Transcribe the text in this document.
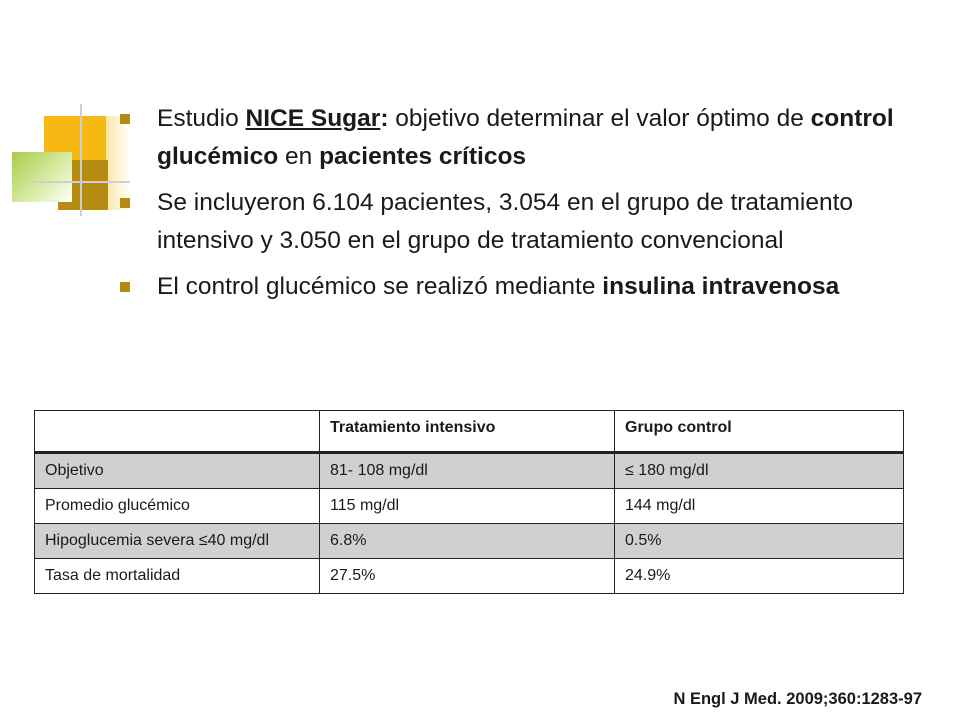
Estudio NICE Sugar: objetivo determinar el valor óptimo de control glucémico en pacientes críticos
Se incluyeron 6.104 pacientes, 3.054 en el grupo de tratamiento intensivo y 3.050 en el grupo de tratamiento convencional
El control glucémico se realizó mediante insulina intravenosa
	Tratamiento intensivo	Grupo control
Objetivo	81- 108 mg/dl	≤ 180 mg/dl
Promedio glucémico	115 mg/dl	144 mg/dl
Hipoglucemia severa ≤40 mg/dl	6.8%	0.5%
Tasa de mortalidad	27.5%	24.9%
N Engl J Med. 2009;360:1283-97
